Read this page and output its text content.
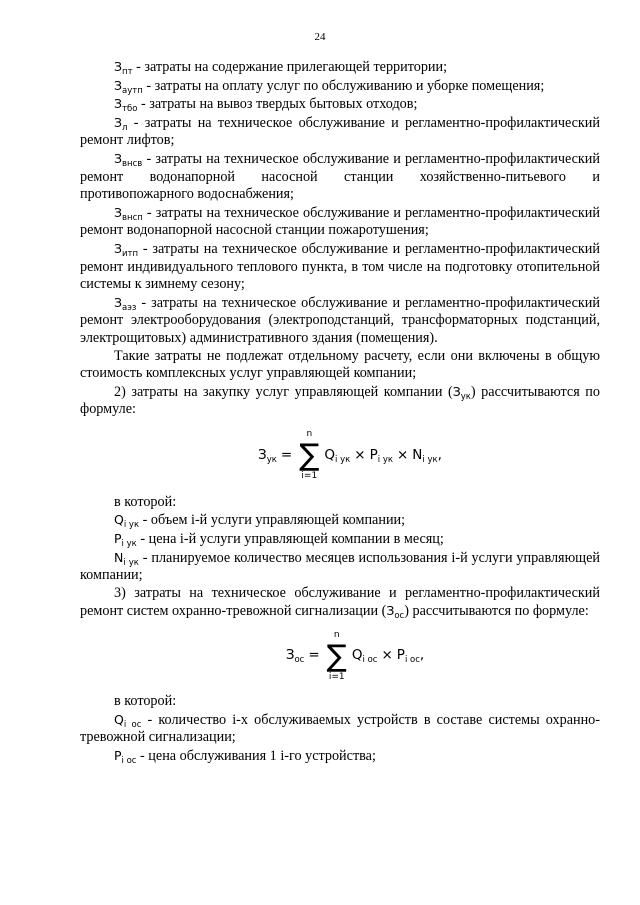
24

$З_{пт}$ - затраты на содержание прилегающей территории;

$З_{аутп}$ - затраты на оплату услуг по обслуживанию и уборке помещения;

$З_{тбо}$ - затраты на вывоз твердых бытовых отходов;

$З_л$ - затраты на техническое обслуживание и регламентно-профилактический ремонт лифтов;

$З_{внсв}$ - затраты на техническое обслуживание и регламентно-профилактический ремонт водонапорной насосной станции хозяйственно-питьевого и противопожарного водоснабжения;

$З_{внсп}$ - затраты на техническое обслуживание и регламентно-профилактический ремонт водонапорной насосной станции пожаротушения;

$З_{итп}$ - затраты на техническое обслуживание и регламентно-профилактический ремонт индивидуального теплового пункта, в том числе на подготовку отопительной системы к зимнему сезону;

$З_{аэз}$ - затраты на техническое обслуживание и регламентно-профилактический ремонт электрооборудования (электроподстанций, трансформаторных подстанций, электрощитовых) административного здания (помещения).

Такие затраты не подлежат отдельному расчету, если они включены в общую стоимость комплексных услуг управляющей компании;

2) затраты на закупку услуг управляющей компании $(З_{ук})$ рассчитываются по формуле:

$З_{ук}$ =
n
∑
i=1
$Q_{i ук} \times P_{i ук} \times N_{i ук}$ ,

в которой:

$Q_{i ук}$ - объем i-й услуги управляющей компании;

$P_{i ук}$ - цена i-й услуги управляющей компании в месяц;

$N_{i ук}$ - планируемое количество месяцев использования i-й услуги управляющей компании;

3) затраты на техническое обслуживание и регламентно-профилактический ремонт систем охранно-тревожной сигнализации $(З_{ос})$ рассчитываются по формуле:

$З_{ос}$ =
n
∑
i=1
$Q_{i ос} \times P_{i ос}$ ,

в которой:

$Q_{i ос}$ - количество i-х обслуживаемых устройств в составе системы охранно-тревожной сигнализации;

$P_{i ос}$ - цена обслуживания 1 i-го устройства;
